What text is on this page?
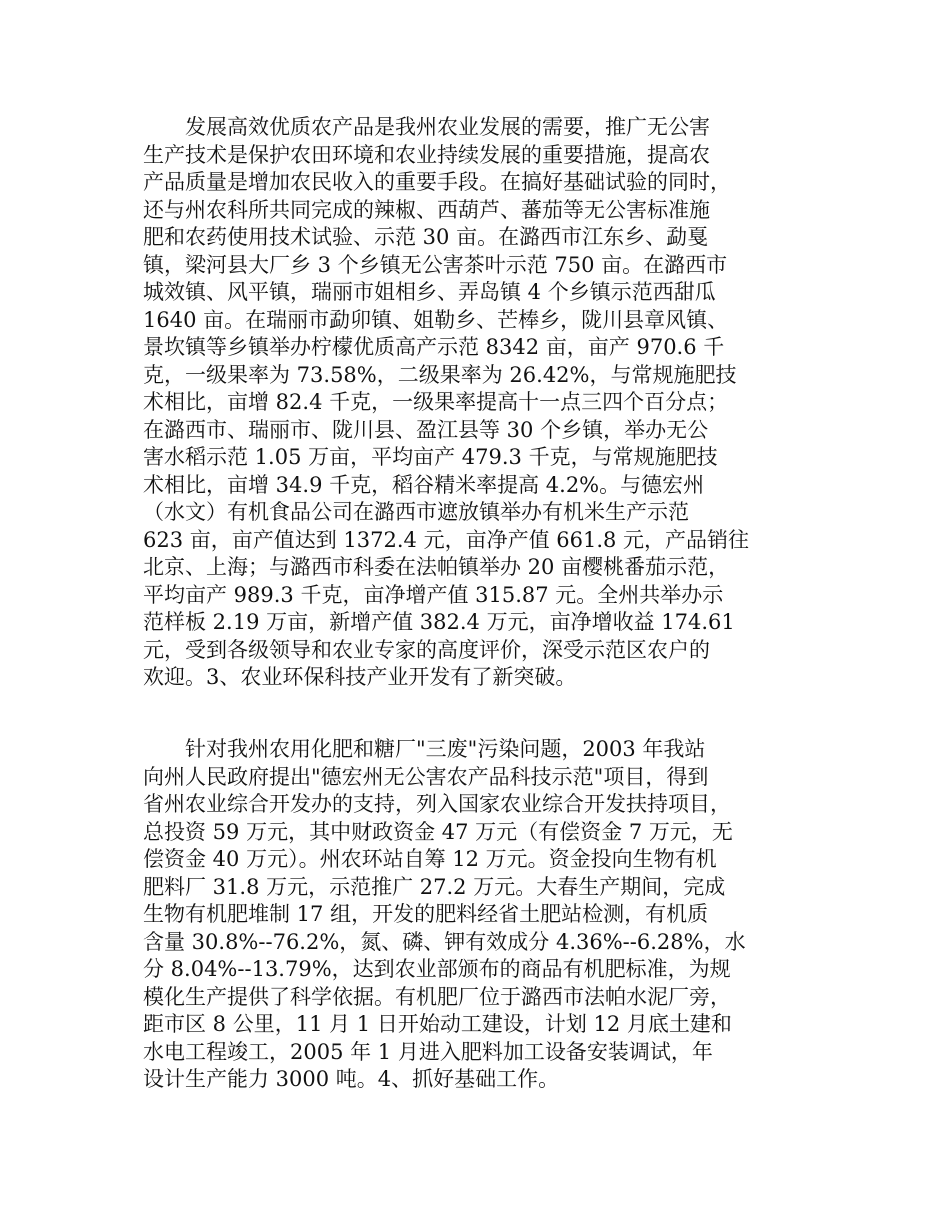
　　发展高效优质农产品是我州农业发展的需要，推广无公害
生产技术是保护农田环境和农业持续发展的重要措施，提高农
产品质量是增加农民收入的重要手段。在搞好基础试验的同时，
还与州农科所共同完成的辣椒、西葫芦、蕃茄等无公害标准施
肥和农药使用技术试验、示范 30 亩。在潞西市江东乡、勐戛
镇，梁河县大厂乡 3 个乡镇无公害茶叶示范 750 亩。在潞西市
城效镇、风平镇，瑞丽市姐相乡、弄岛镇 4 个乡镇示范西甜瓜
1640 亩。在瑞丽市勐卯镇、姐勒乡、芒棒乡，陇川县章风镇、
景坎镇等乡镇举办柠檬优质高产示范 8342 亩，亩产 970.6 千
克，一级果率为 73.58%，二级果率为 26.42%，与常规施肥技
术相比，亩增 82.4 千克，一级果率提高十一点三四个百分点；
在潞西市、瑞丽市、陇川县、盈江县等 30 个乡镇，举办无公
害水稻示范 1.05 万亩，平均亩产 479.3 千克，与常规施肥技
术相比，亩增 34.9 千克，稻谷精米率提高 4.2%。与德宏州
（水文）有机食品公司在潞西市遮放镇举办有机米生产示范
623 亩，亩产值达到 1372.4 元，亩净产值 661.8 元，产品销往
北京、上海；与潞西市科委在法帕镇举办 20 亩樱桃番茄示范，
平均亩产 989.3 千克，亩净增产值 315.87 元。全州共举办示
范样板 2.19 万亩，新增产值 382.4 万元，亩净增收益 174.61
元，受到各级领导和农业专家的高度评价，深受示范区农户的
欢迎。3、农业环保科技产业开发有了新突破。
　　针对我州农用化肥和糖厂"三废"污染问题，2003 年我站
向州人民政府提出"德宏州无公害农产品科技示范"项目，得到
省州农业综合开发办的支持，列入国家农业综合开发扶持项目，
总投资 59 万元，其中财政资金 47 万元（有偿资金 7 万元，无
偿资金 40 万元）。州农环站自筹 12 万元。资金投向生物有机
肥料厂 31.8 万元，示范推广 27.2 万元。大春生产期间，完成
生物有机肥堆制 17 组，开发的肥料经省土肥站检测，有机质
含量 30.8%--76.2%，氮、磷、钾有效成分 4.36%--6.28%，水
分 8.04%--13.79%，达到农业部颁布的商品有机肥标准，为规
模化生产提供了科学依据。有机肥厂位于潞西市法帕水泥厂旁，
距市区 8 公里，11 月 1 日开始动工建设，计划 12 月底土建和
水电工程竣工，2005 年 1 月进入肥料加工设备安装调试，年
设计生产能力 3000 吨。4、抓好基础工作。
